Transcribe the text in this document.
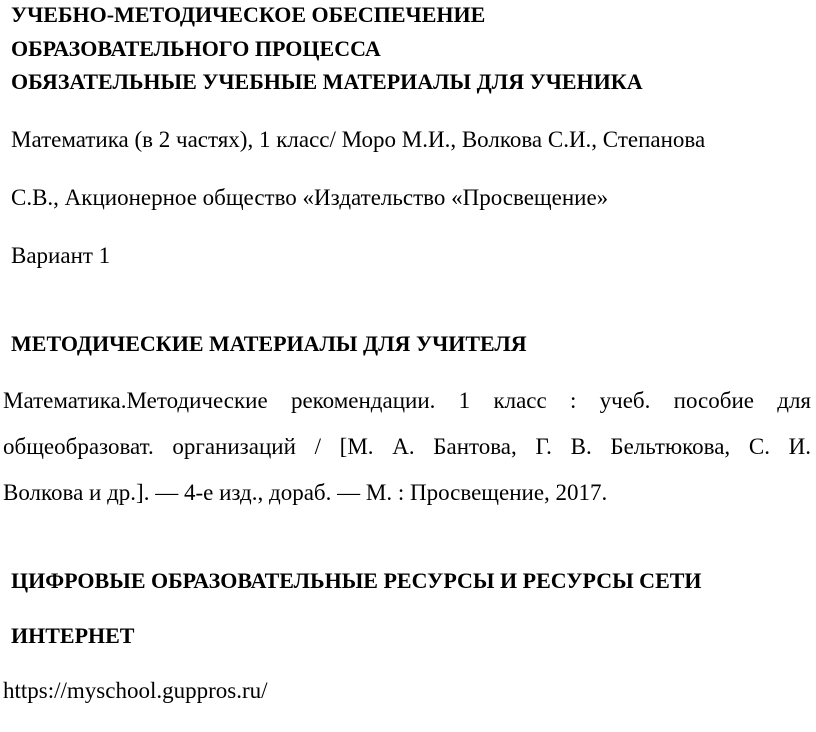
УЧЕБНО-МЕТОДИЧЕСКОЕ ОБЕСПЕЧЕНИЕ
ОБРАЗОВАТЕЛЬНОГО ПРОЦЕССА
ОБЯЗАТЕЛЬНЫЕ УЧЕБНЫЕ МАТЕРИАЛЫ ДЛЯ УЧЕНИКА
Математика (в 2 частях), 1 класс/ Моро М.И., Волкова С.И., Степанова
С.В., Акционерное общество «Издательство «Просвещение»
Вариант 1
МЕТОДИЧЕСКИЕ МАТЕРИАЛЫ ДЛЯ УЧИТЕЛЯ
Математика.Методические рекомендации. 1 класс : учеб. пособие для
общеобразоват. организаций / [М. А. Бантова, Г. В. Бельтюкова, С. И.
Волкова и др.]. — 4-е изд., дораб. — М. : Просвещение, 2017.
ЦИФРОВЫЕ ОБРАЗОВАТЕЛЬНЫЕ РЕСУРСЫ И РЕСУРСЫ СЕТИ
ИНТЕРНЕТ
https://myschool.guppros.ru/
